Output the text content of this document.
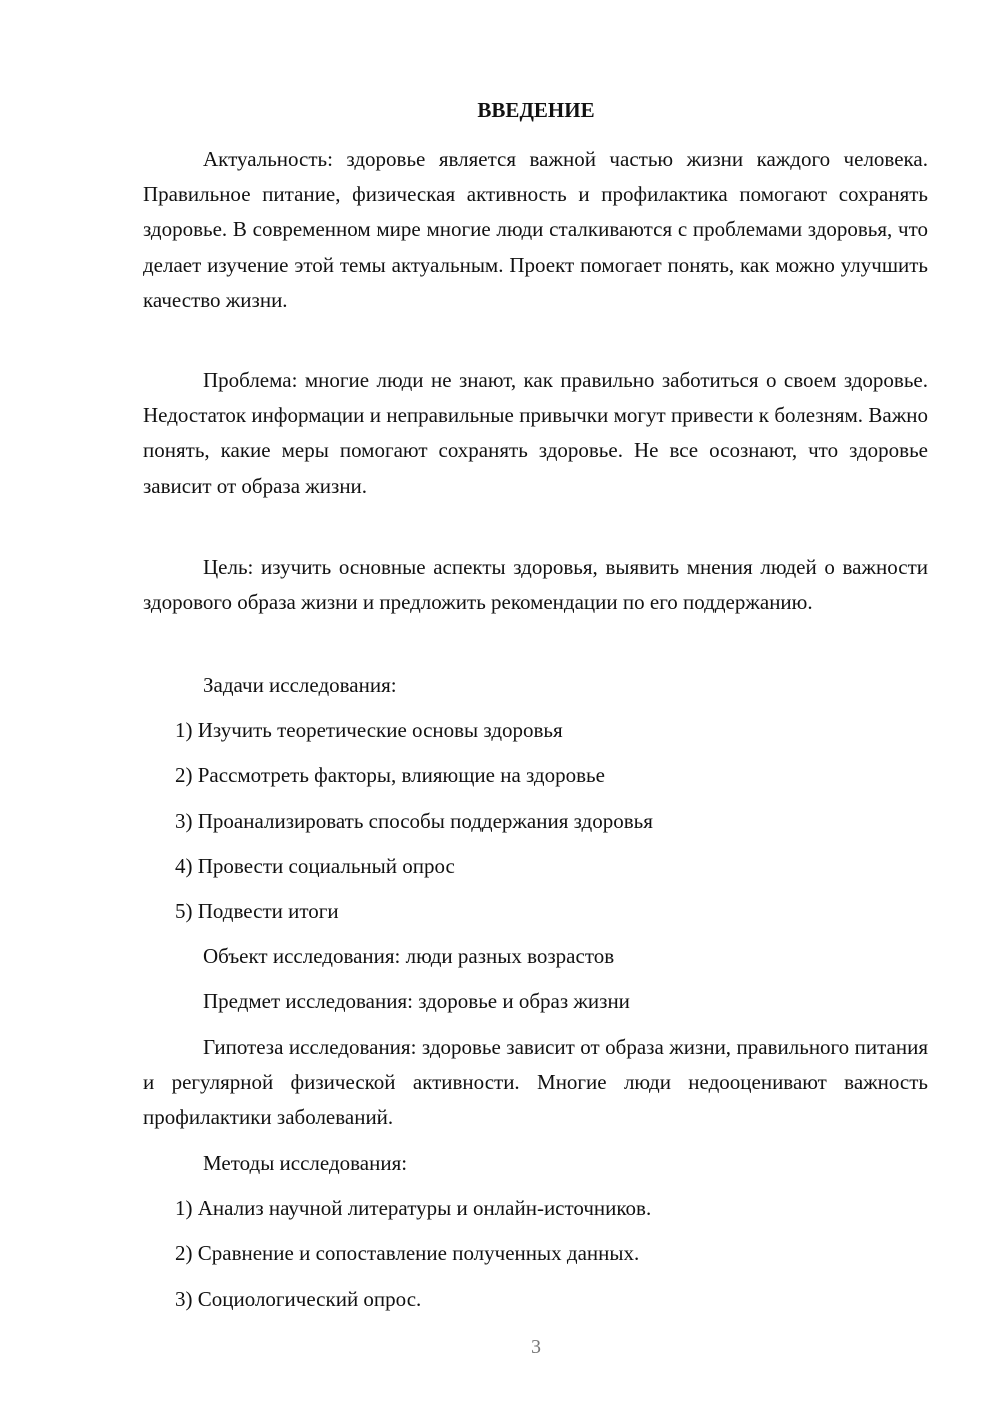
ВВЕДЕНИЕ

Актуальность: здоровье является важной частью жизни каждого человека. Правильное питание, физическая активность и профилактика помогают сохранять здоровье. В современном мире многие люди сталкиваются с проблемами здоровья, что делает изучение этой темы актуальным. Проект помогает понять, как можно улучшить качество жизни.

Проблема: многие люди не знают, как правильно заботиться о своем здоровье. Недостаток информации и неправильные привычки могут привести к болезням. Важно понять, какие меры помогают сохранять здоровье. Не все осознают, что здоровье зависит от образа жизни.

Цель: изучить основные аспекты здоровья, выявить мнения людей о важности здорового образа жизни и предложить рекомендации по его поддержанию.

Задачи исследования:

1) Изучить теоретические основы здоровья

2) Рассмотреть факторы, влияющие на здоровье

3) Проанализировать способы поддержания здоровья

4) Провести социальный опрос

5) Подвести итоги

Объект исследования: люди разных возрастов

Предмет исследования: здоровье и образ жизни

Гипотеза исследования: здоровье зависит от образа жизни, правильного питания и регулярной физической активности. Многие люди недооценивают важность профилактики заболеваний.

Методы исследования:

1) Анализ научной литературы и онлайн-источников.

2) Сравнение и сопоставление полученных данных.

3) Социологический опрос.

3
